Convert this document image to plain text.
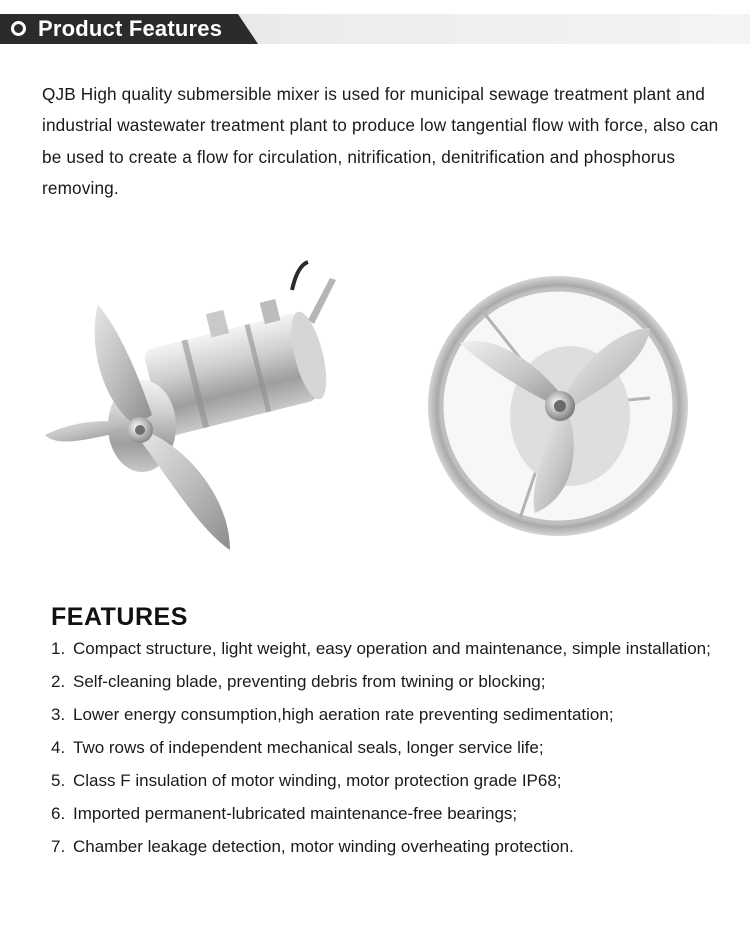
Product Features

QJB High quality submersible mixer is used for municipal sewage treatment plant and industrial wastewater treatment plant to produce low tangential flow with force, also can be used to create a flow for circulation, nitrification, denitrification and phosphorus removing.

FEATURES
1. Compact structure, light weight, easy operation and maintenance, simple installation;
2. Self-cleaning blade, preventing debris from twining or blocking;
3. Lower energy consumption,high aeration rate preventing sedimentation;
4. Two rows of independent mechanical seals, longer service life;
5. Class F insulation of motor winding, motor protection grade IP68;
6. Imported permanent-lubricated maintenance-free bearings;
7. Chamber leakage detection, motor winding overheating protection.
